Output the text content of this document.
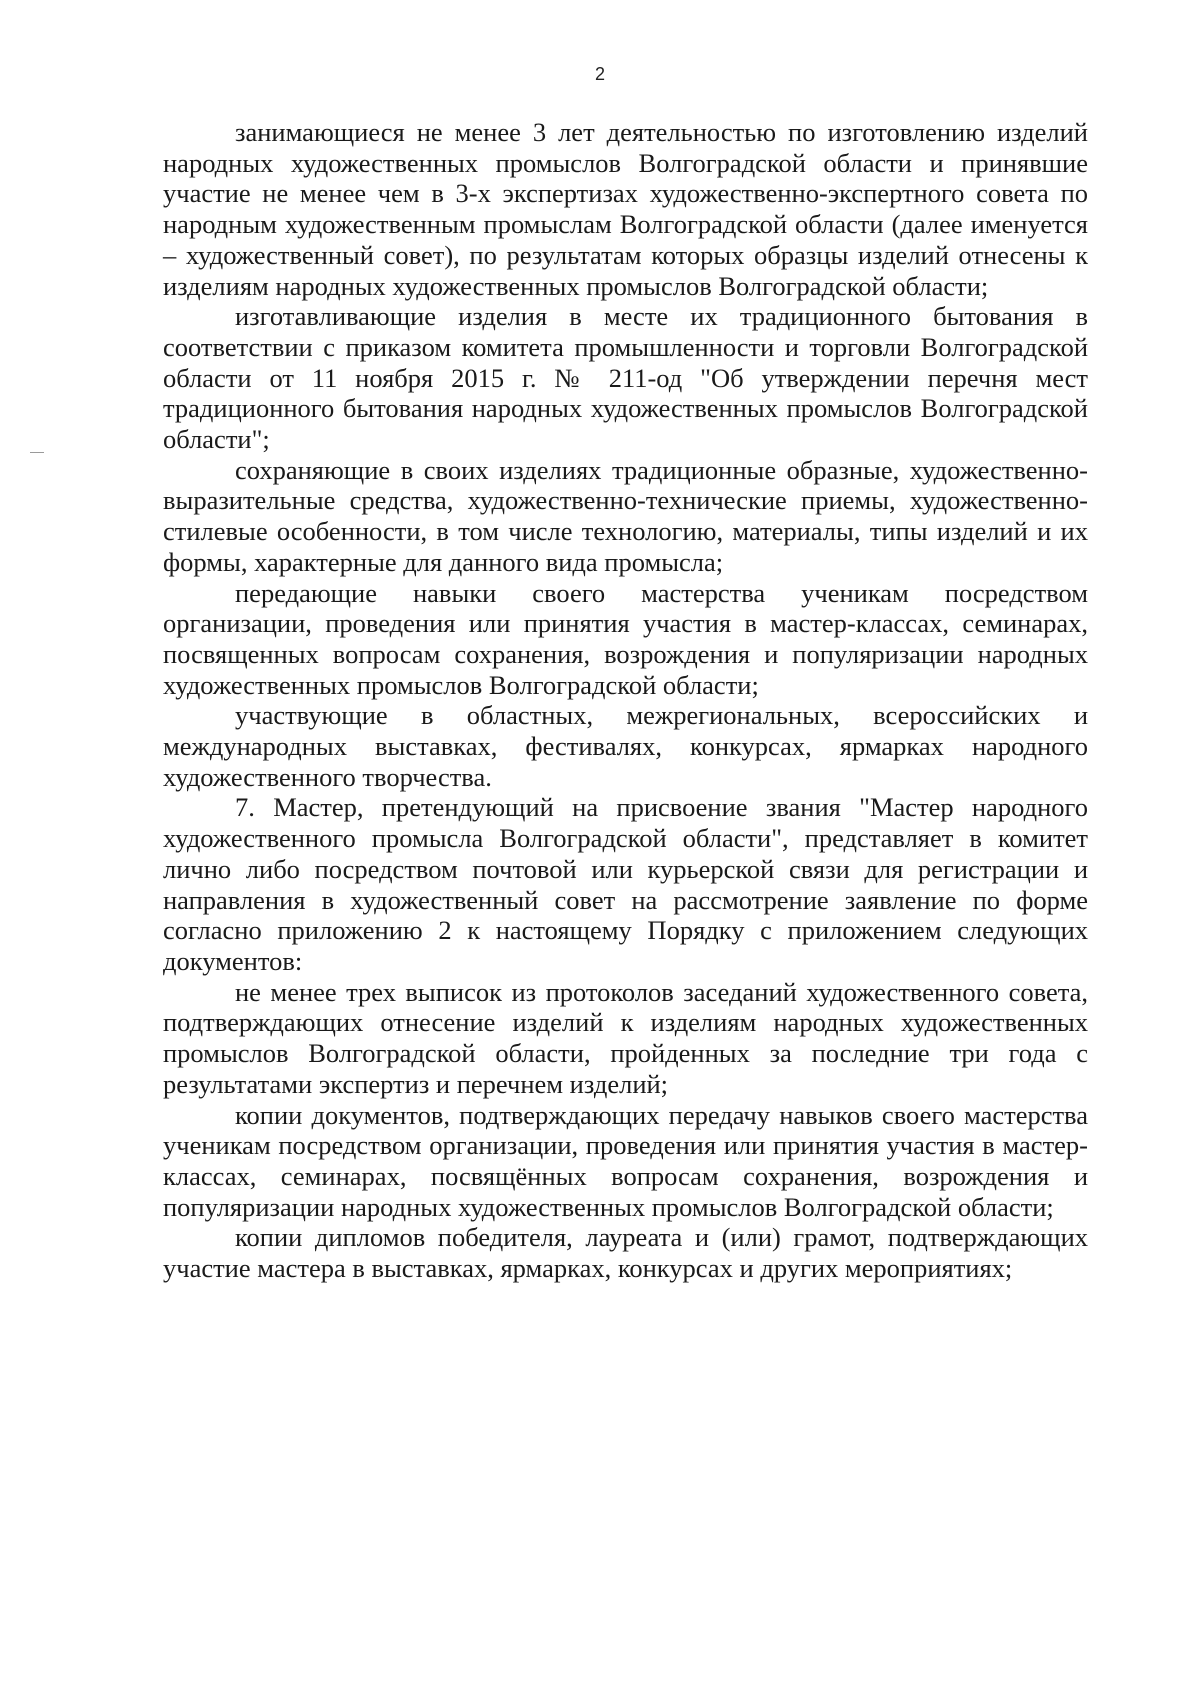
2

занимающиеся не менее 3 лет деятельностью по изготовлению изделий народных художественных промыслов Волгоградской области и принявшие участие не менее чем в 3-х экспертизах художественно-экспертного совета по народным художественным промыслам Волгоградской области (далее именуется – художественный совет), по результатам которых образцы изделий отнесены к изделиям народных художественных промыслов Волгоградской области;

изготавливающие изделия в месте их традиционного бытования в соответствии с приказом комитета промышленности и торговли Волгоградской области от 11 ноября 2015 г. № 211-од "Об утверждении перечня мест традиционного бытования народных художественных промыслов Волгоградской области";

сохраняющие в своих изделиях традиционные образные, художественно-выразительные средства, художественно-технические приемы, художественно-стилевые особенности, в том числе технологию, материалы, типы изделий и их формы, характерные для данного вида промысла;

передающие навыки своего мастерства ученикам посредством организации, проведения или принятия участия в мастер-классах, семинарах, посвященных вопросам сохранения, возрождения и популяризации народных художественных промыслов Волгоградской области;

участвующие в областных, межрегиональных, всероссийских и международных выставках, фестивалях, конкурсах, ярмарках народного художественного творчества.

7. Мастер, претендующий на присвоение звания "Мастер народного художественного промысла Волгоградской области", представляет в комитет лично либо посредством почтовой или курьерской связи для регистрации и направления в художественный совет на рассмотрение заявление по форме согласно приложению 2 к настоящему Порядку с приложением следующих документов:

не менее трех выписок из протоколов заседаний художественного совета, подтверждающих отнесение изделий к изделиям народных художественных промыслов Волгоградской области, пройденных за последние три года с результатами экспертиз и перечнем изделий;

копии документов, подтверждающих передачу навыков своего мастерства ученикам посредством организации, проведения или принятия участия в мастер-классах, семинарах, посвящённых вопросам сохранения, возрождения и популяризации народных художественных промыслов Волгоградской области;

копии дипломов победителя, лауреата и (или) грамот, подтверждающих участие мастера в выставках, ярмарках, конкурсах и других мероприятиях;
